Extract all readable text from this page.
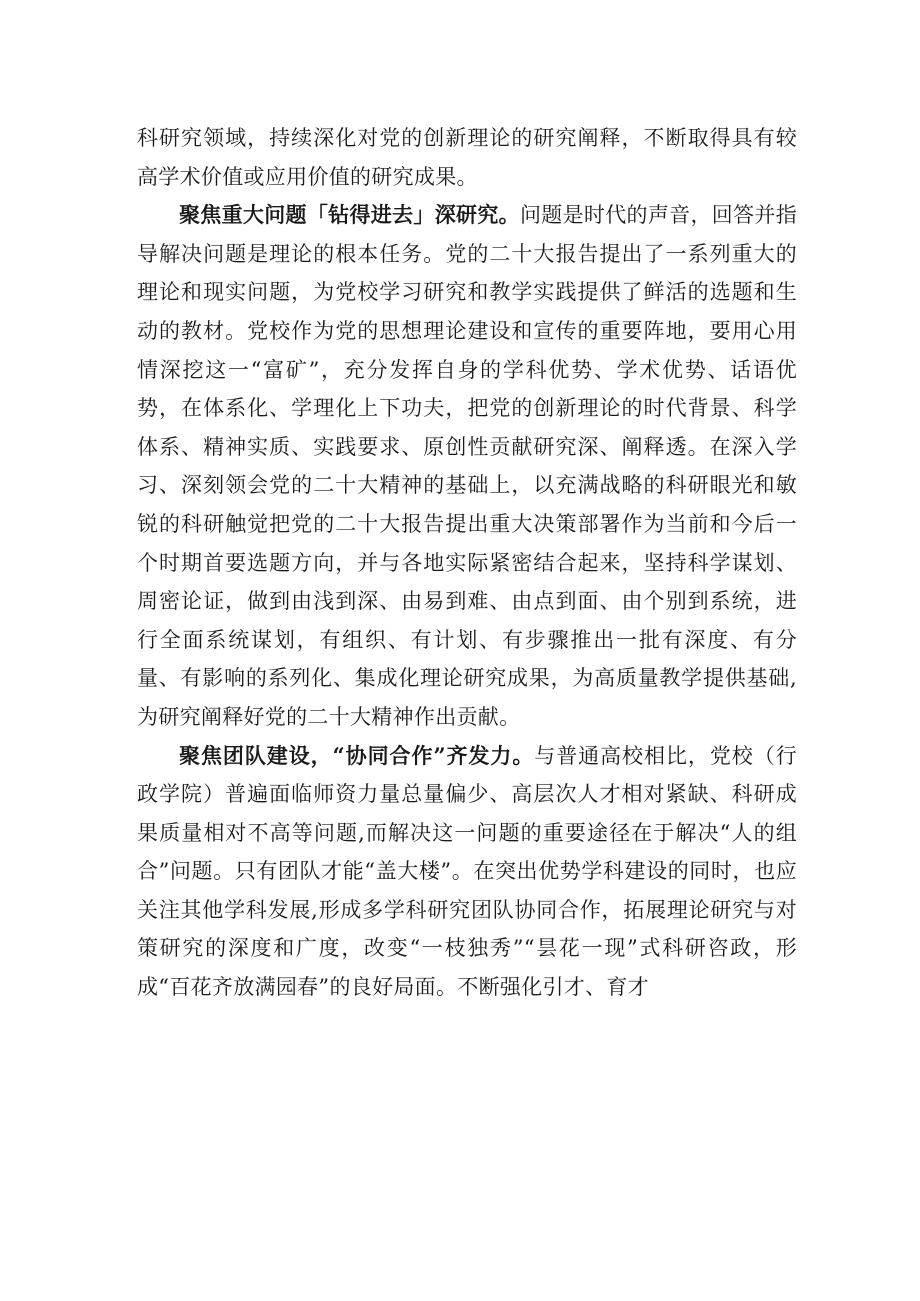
科研究领域，持续深化对党的创新理论的研究阐释，不断取得具有较高学术价值或应用价值的研究成果。

聚焦重大问题「钻得进去」深研究。问题是时代的声音，回答并指导解决问题是理论的根本任务。党的二十大报告提出了一系列重大的理论和现实问题，为党校学习研究和教学实践提供了鲜活的选题和生动的教材。党校作为党的思想理论建设和宣传的重要阵地，要用心用情深挖这一“富矿”，充分发挥自身的学科优势、学术优势、话语优势，在体系化、学理化上下功夫，把党的创新理论的时代背景、科学体系、精神实质、实践要求、原创性贡献研究深、阐释透。在深入学习、深刻领会党的二十大精神的基础上，以充满战略的科研眼光和敏锐的科研触觉把党的二十大报告提出重大决策部署作为当前和今后一个时期首要选题方向，并与各地实际紧密结合起来，坚持科学谋划、周密论证，做到由浅到深、由易到难、由点到面、由个别到系统，进行全面系统谋划，有组织、有计划、有步骤推出一批有深度、有分量、有影响的系列化、集成化理论研究成果，为高质量教学提供基础,为研究阐释好党的二十大精神作出贡献。

聚焦团队建设，“协同合作”齐发力。与普通高校相比，党校（行政学院）普遍面临师资力量总量偏少、高层次人才相对紧缺、科研成果质量相对不高等问题,而解决这一问题的重要途径在于解决“人的组合”问题。只有团队才能“盖大楼”。在突出优势学科建设的同时，也应关注其他学科发展,形成多学科研究团队协同合作，拓展理论研究与对策研究的深度和广度，改变“一枝独秀”“昙花一现”式科研咨政，形成“百花齐放满园春”的良好局面。不断强化引才、育才
